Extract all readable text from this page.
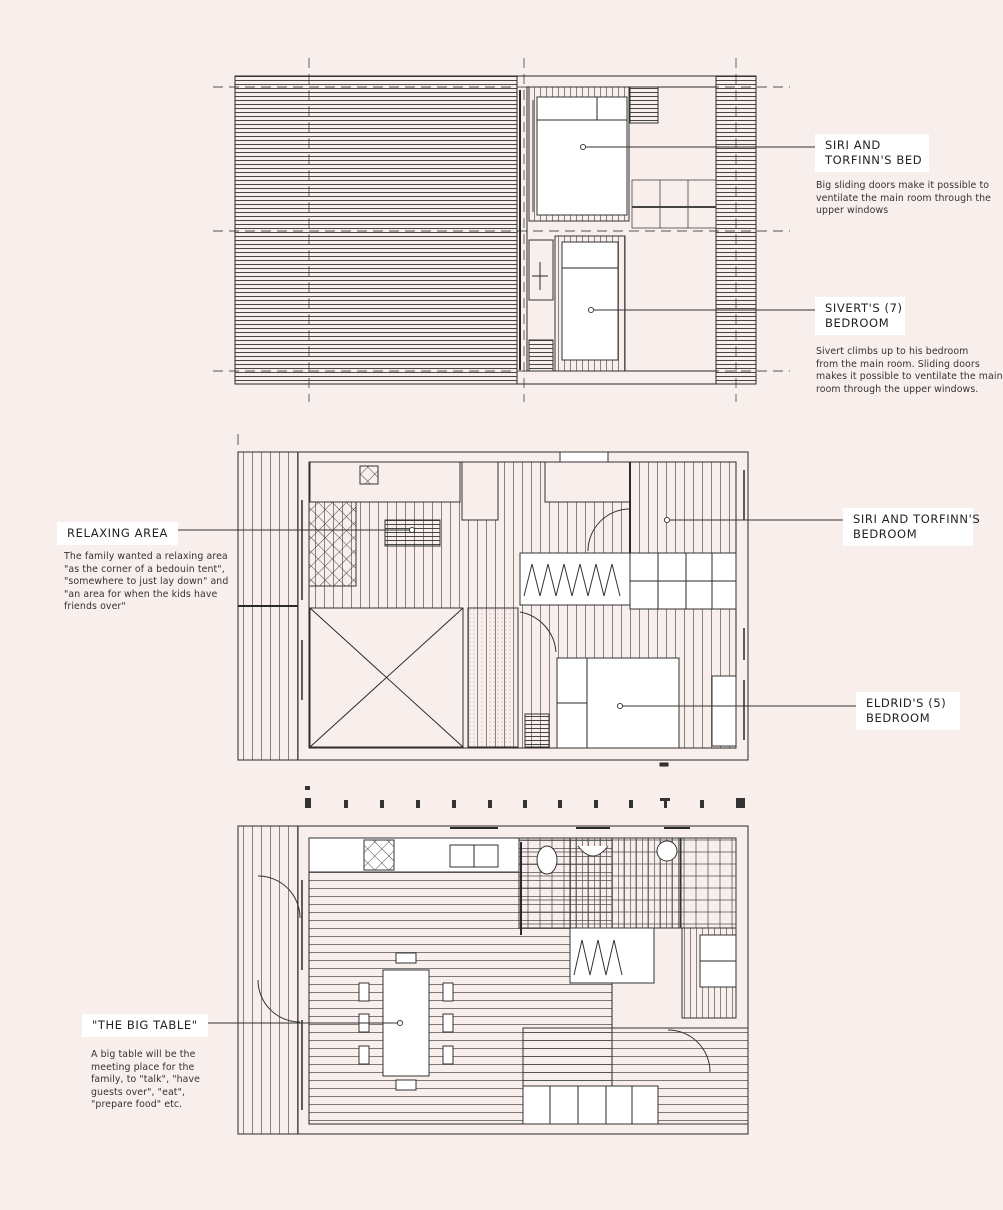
SIRI AND
TORFINN'S BED
Big sliding doors make it possible to
ventilate the main room through the
upper windows
SIVERT'S (7)
BEDROOM
Sivert climbs up to his bedroom
from the main room. Sliding doors
makes it possible to ventilate the main
room through the upper windows.
RELAXING AREA
The family wanted a relaxing area
"as the corner of a bedouin tent",
"somewhere to just lay down" and
"an area for when the kids have
friends over"
SIRI AND TORFINN'S
BEDROOM
ELDRID'S (5)
BEDROOM
"THE BIG TABLE"
A big table will be the
meeting place for the
family, to "talk", "have
guests over", "eat",
"prepare food" etc.
